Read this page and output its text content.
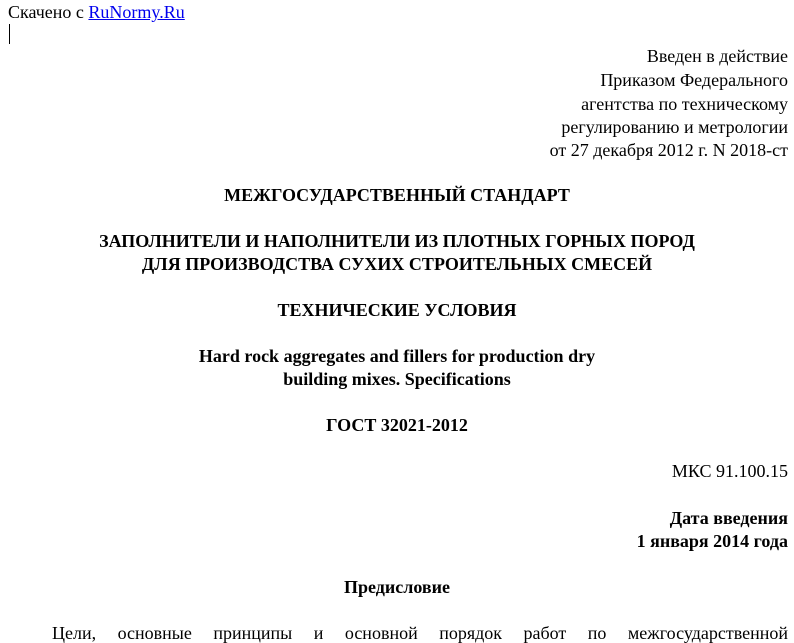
Скачено с RuNormy.Ru
Введен в действие
Приказом Федерального
агентства по техническому
регулированию и метрологии
от 27 декабря 2012 г. N 2018-ст
МЕЖГОСУДАРСТВЕННЫЙ СТАНДАРТ
ЗАПОЛНИТЕЛИ И НАПОЛНИТЕЛИ ИЗ ПЛОТНЫХ ГОРНЫХ ПОРОД
ДЛЯ ПРОИЗВОДСТВА СУХИХ СТРОИТЕЛЬНЫХ СМЕСЕЙ
ТЕХНИЧЕСКИЕ УСЛОВИЯ
Hard rock aggregates and fillers for production dry
building mixes. Specifications
ГОСТ 32021-2012
МКС 91.100.15
Дата введения
1 января 2014 года
Предисловие
Цели, основные принципы и основной порядок работ по межгосударственной
